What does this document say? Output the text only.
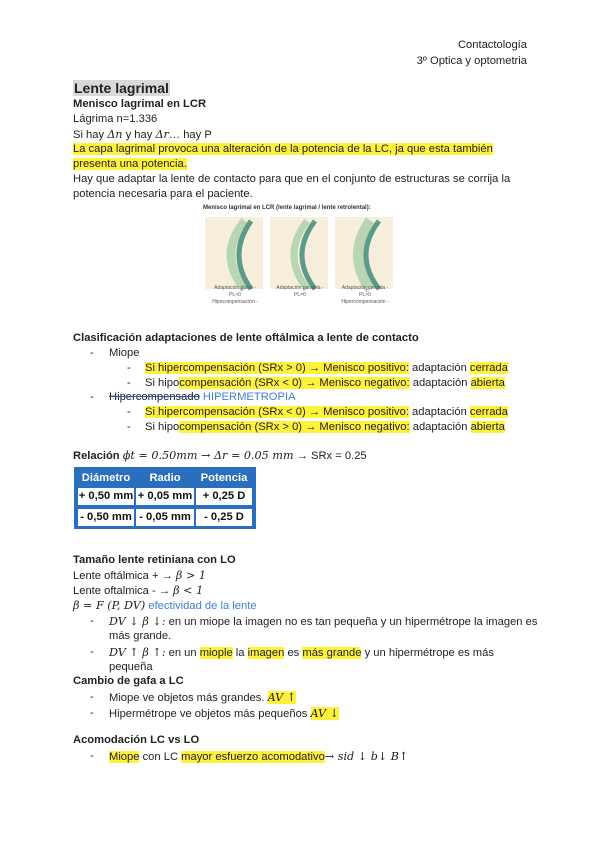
Contactología
3º Optica y optometria
Lente lagrimal
Menisco lagrimal en LCR
Lágrima n=1.336
Si hay Δn y hay Δr… hay P
La capa lagrimal provoca una alteración de la potencia de la LC, ja que esta también
presenta una potencia.
Hay que adaptar la lente de contacto para que en el conjunto de estructuras se corrija la
potencia necesaria para el paciente.
Menisco lagrimal en LCR (lente lagrimal / lente retrolental):
Adaptación plana -
PL<0
Hipocompensación -
Adaptación paralela -
PL=0
Adaptación cerrada -
PL>0
Hipercompensación -
Clasificación adaptaciones de lente oftálmica a lente de contacto
- Miope
- Si hipercompensación (SRx > 0) → Menisco positivo: adaptación cerrada
- Si hipocompensación (SRx < 0) → Menisco negativo: adaptación abierta
- Hipercompensado HIPERMETROPIA
- Si hipercompensación (SRx < 0) → Menisco positivo: adaptación cerrada
- Si hipocompensación (SRx > 0) → Menisco negativo: adaptación abierta
Relación ϕt = 0.50mm → Δr = 0.05 mm → SRx = 0.25
Diámetro	Radio	Potencia
+ 0,50 mm + 0,05 mm + 0,25 D
- 0,50 mm - 0,05 mm	- 0,25 D
Tamaño lente retiniana con LO
Lente oftálmica + → β > 1
Lente oftalmica - → β < 1
β = F (P, DV) efectividad de la lente
- DV ↓ β ↓: en un miope la imagen no es tan pequeña y un hipermétrope la imagen es
más grande.
- DV ↑ β ↑: en un miople la imagen es más grande y un hipermétrope es más
pequeña
Cambio de gafa a LC
- Miope ve objetos más grandes. AV ↑
- Hipermétrope ve objetos más pequeños AV ↓
Acomodación LC vs LO
- Miope con LC mayor esfuerzo acomodativo→ sid ↓ b↓ B↑
